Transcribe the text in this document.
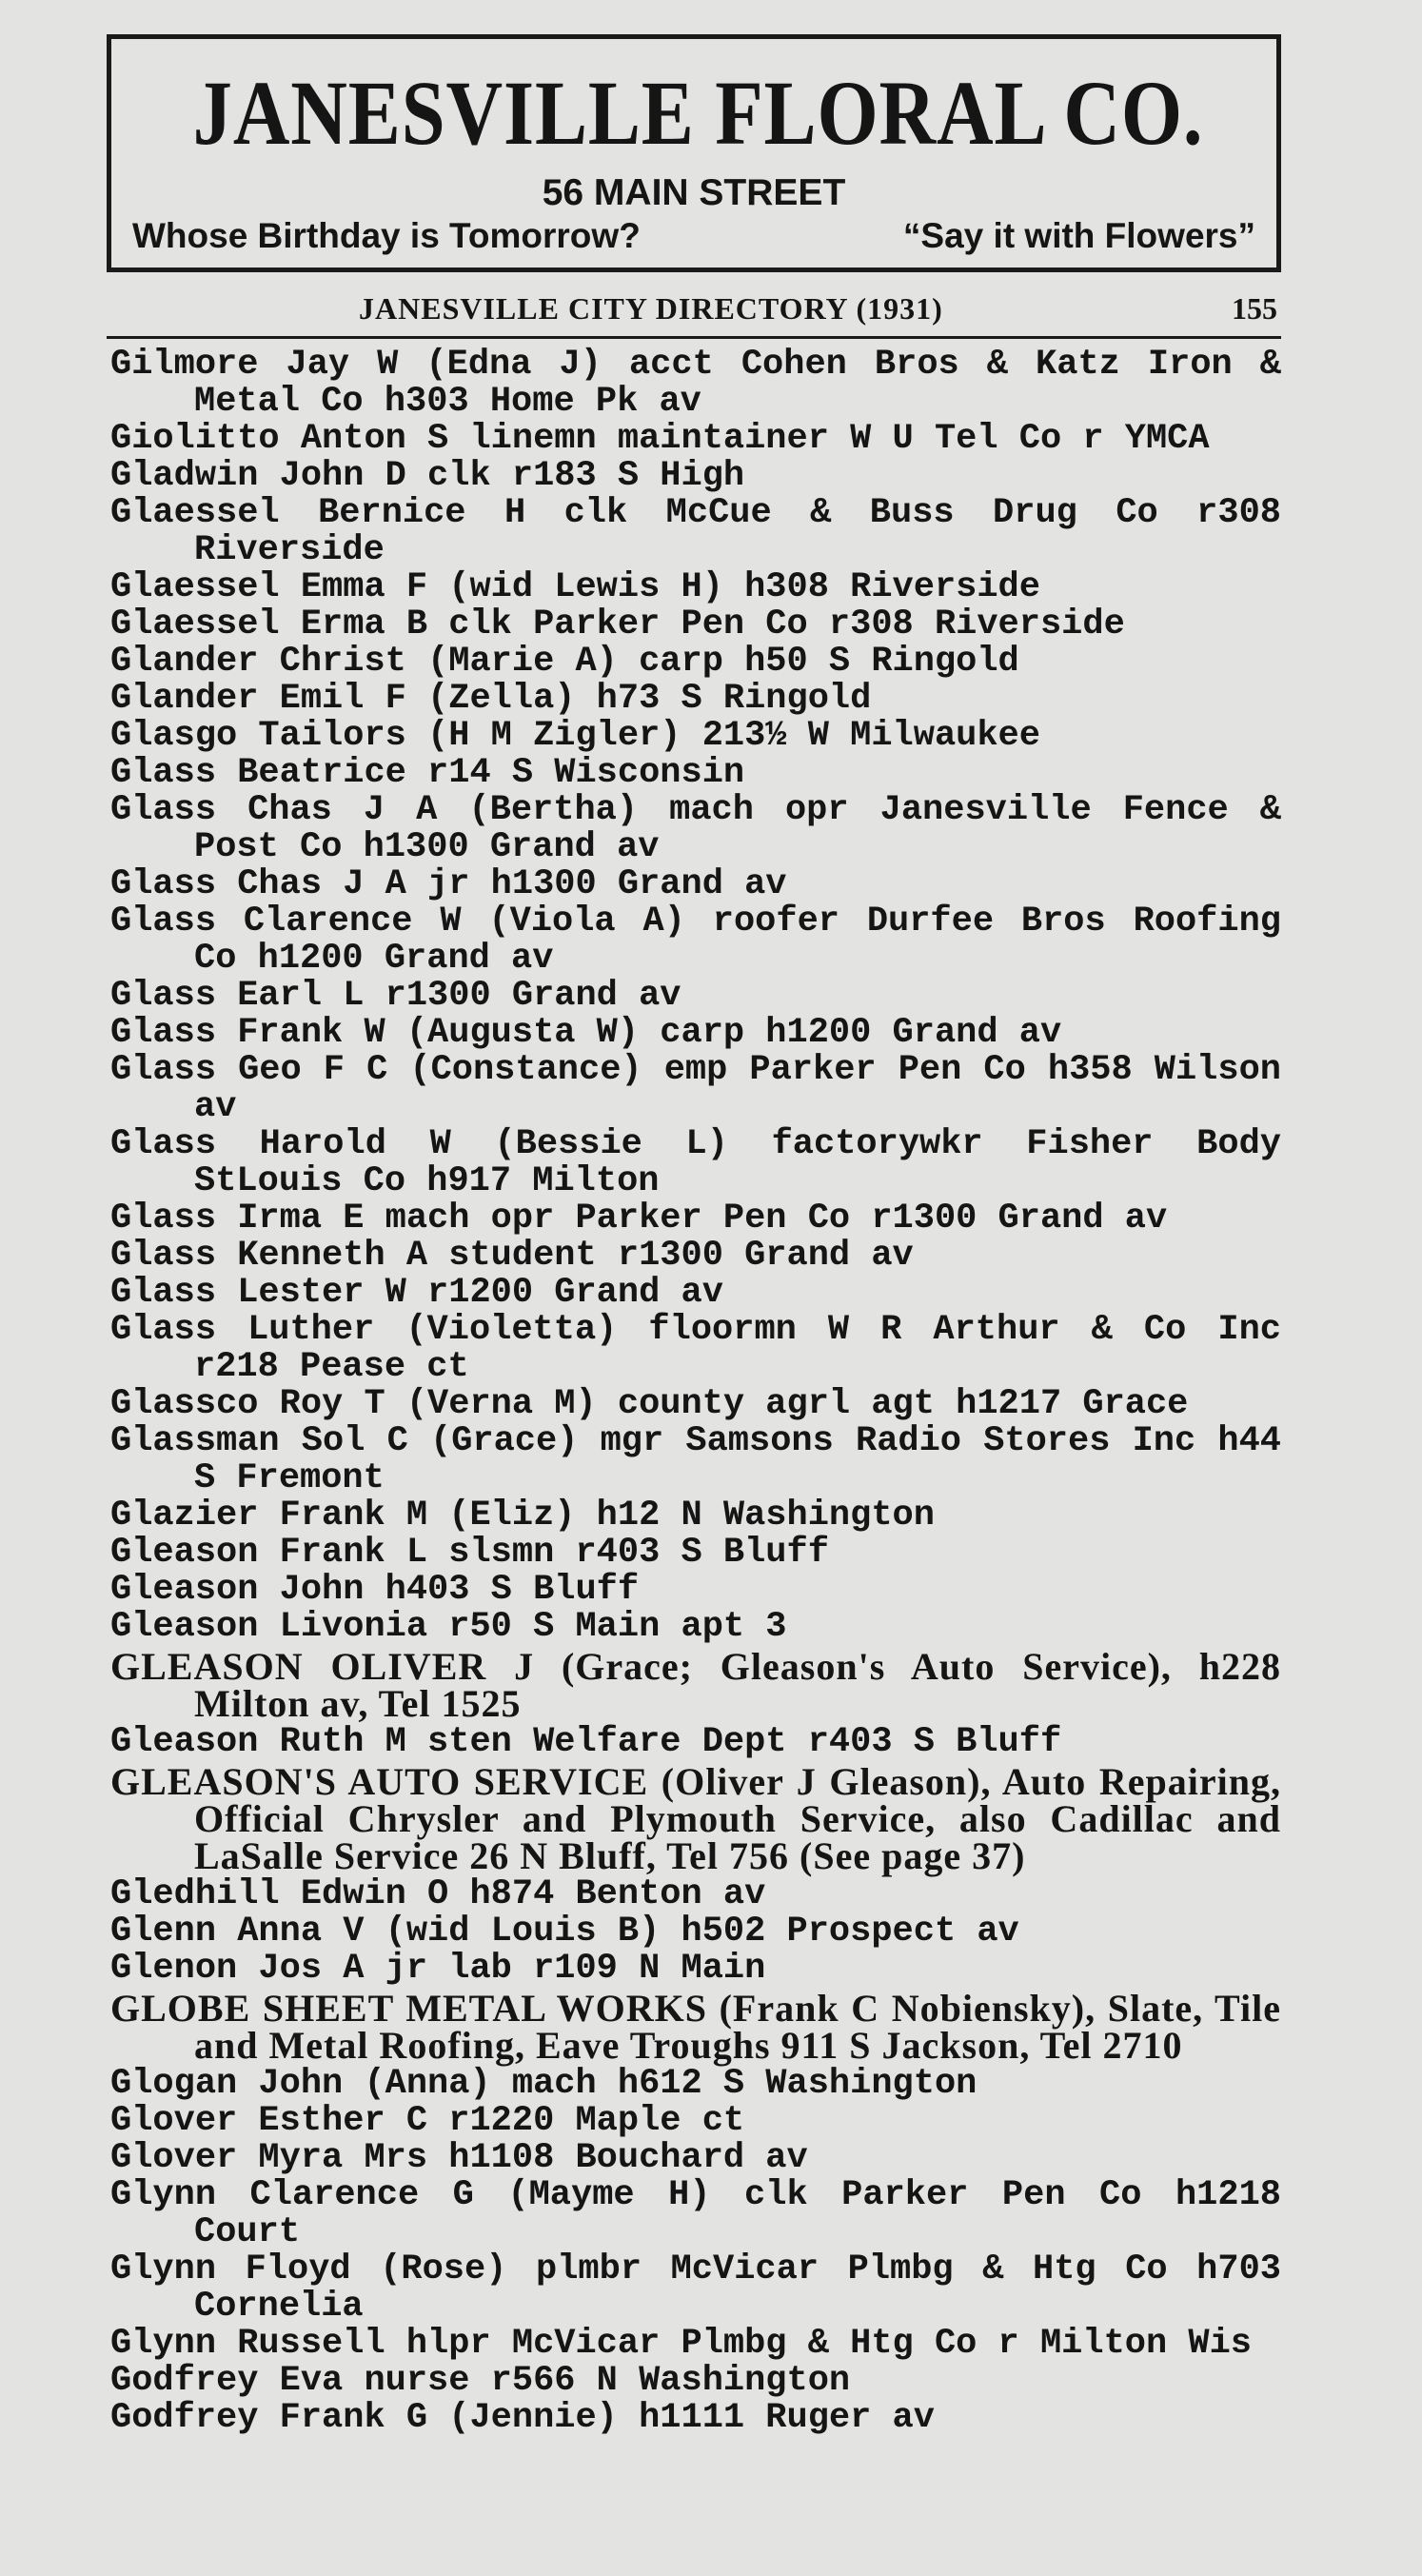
JANESVILLE FLORAL CO.
56 MAIN STREET
Whose Birthday is Tomorrow?	“Say it with Flowers”
JANESVILLE CITY DIRECTORY (1931)	155
Gilmore Jay W (Edna J) acct Cohen Bros & Katz Iron & Metal Co h303 Home Pk av
Giolitto Anton S linemn maintainer W U Tel Co r YMCA
Gladwin John D clk r183 S High
Glaessel Bernice H clk McCue & Buss Drug Co r308 Riverside
Glaessel Emma F (wid Lewis H) h308 Riverside
Glaessel Erma B clk Parker Pen Co r308 Riverside
Glander Christ (Marie A) carp h50 S Ringold
Glander Emil F (Zella) h73 S Ringold
Glasgo Tailors (H M Zigler) 213½ W Milwaukee
Glass Beatrice r14 S Wisconsin
Glass Chas J A (Bertha) mach opr Janesville Fence & Post Co h1300 Grand av
Glass Chas J A jr h1300 Grand av
Glass Clarence W (Viola A) roofer Durfee Bros Roofing Co h1200 Grand av
Glass Earl L r1300 Grand av
Glass Frank W (Augusta W) carp h1200 Grand av
Glass Geo F C (Constance) emp Parker Pen Co h358 Wilson av
Glass Harold W (Bessie L) factorywkr Fisher Body StLouis Co h917 Milton
Glass Irma E mach opr Parker Pen Co r1300 Grand av
Glass Kenneth A student r1300 Grand av
Glass Lester W r1200 Grand av
Glass Luther (Violetta) floormn W R Arthur & Co Inc r218 Pease ct
Glassco Roy T (Verna M) county agrl agt h1217 Grace
Glassman Sol C (Grace) mgr Samsons Radio Stores Inc h44 S Fremont
Glazier Frank M (Eliz) h12 N Washington
Gleason Frank L slsmn r403 S Bluff
Gleason John h403 S Bluff
Gleason Livonia r50 S Main apt 3
GLEASON OLIVER J (Grace; Gleason's Auto Service), h228 Milton av, Tel 1525
Gleason Ruth M sten Welfare Dept r403 S Bluff
GLEASON'S AUTO SERVICE (Oliver J Gleason), Auto Repairing, Official Chrysler and Plymouth Service, also Cadillac and LaSalle Service 26 N Bluff, Tel 756 (See page 37)
Gledhill Edwin O h874 Benton av
Glenn Anna V (wid Louis B) h502 Prospect av
Glenon Jos A jr lab r109 N Main
GLOBE SHEET METAL WORKS (Frank C Nobiensky), Slate, Tile and Metal Roofing, Eave Troughs 911 S Jackson, Tel 2710
Glogan John (Anna) mach h612 S Washington
Glover Esther C r1220 Maple ct
Glover Myra Mrs h1108 Bouchard av
Glynn Clarence G (Mayme H) clk Parker Pen Co h1218 Court
Glynn Floyd (Rose) plmbr McVicar Plmbg & Htg Co h703 Cornelia
Glynn Russell hlpr McVicar Plmbg & Htg Co r Milton Wis
Godfrey Eva nurse r566 N Washington
Godfrey Frank G (Jennie) h1111 Ruger av
